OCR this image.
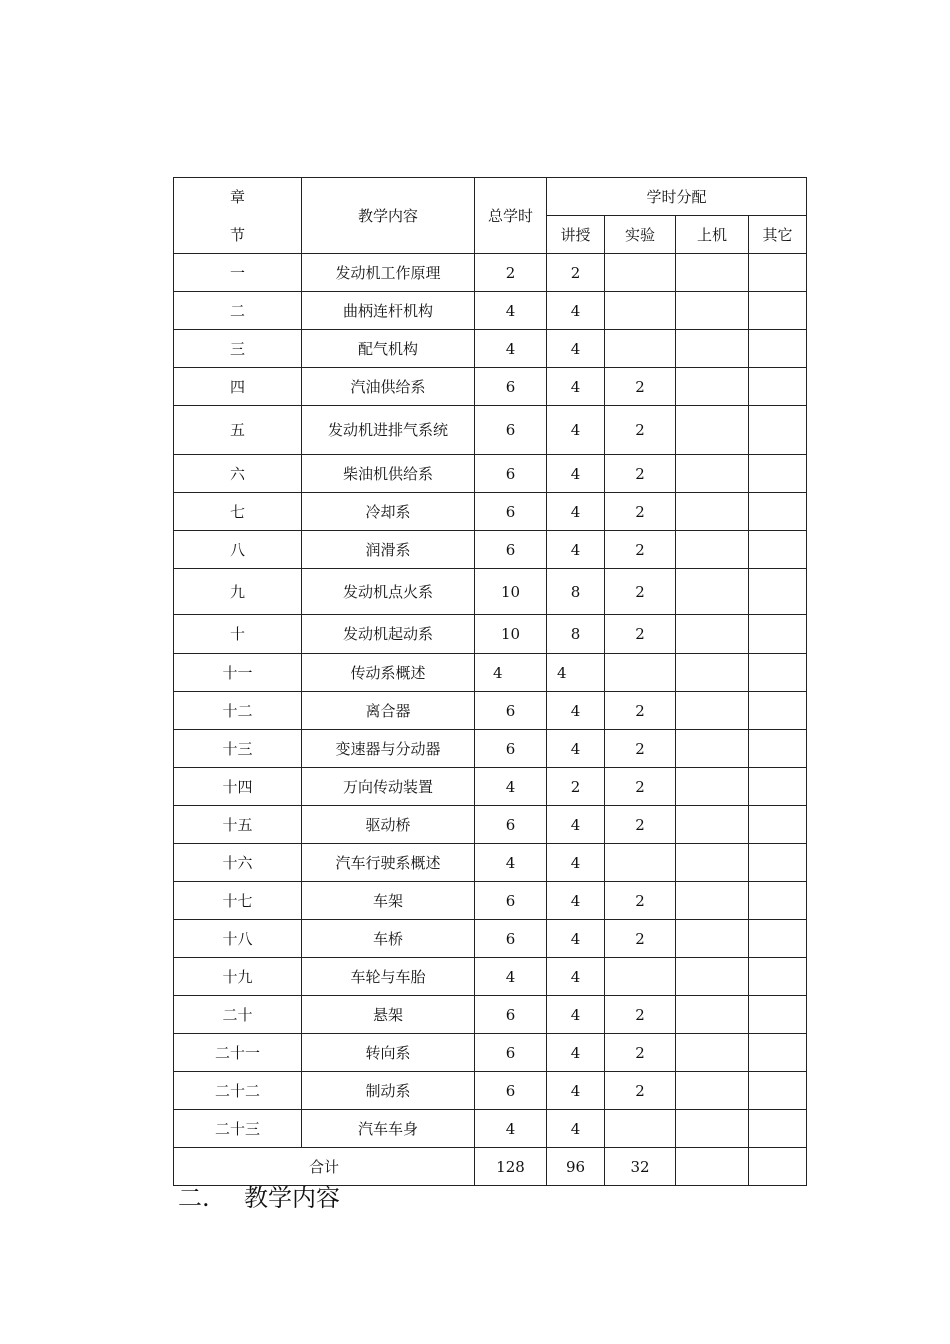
章
节	教学内容	总学时	学时分配			
			讲授	实验	上机	其它
一	发动机工作原理	2	2			
二	曲柄连杆机构	4	4			
三	配气机构	4	4			
四	汽油供给系	6	4	2		
五	发动机进排气系统	6	4	2		
六	柴油机供给系	6	4	2		
七	冷却系	6	4	2		
八	润滑系	6	4	2		
九	发动机点火系	10	8	2		
十	发动机起动系	10	8	2		
十一	传动系概述	4	4			
十二	离合器	6	4	2		
十三	变速器与分动器	6	4	2		
十四	万向传动装置	4	2	2		
十五	驱动桥	6	4	2		
十六	汽车行驶系概述	4	4			
十七	车架	6	4	2		
十八	车桥	6	4	2		
十九	车轮与车胎	4	4			
二十	悬架	6	4	2		
二十一	转向系	6	4	2		
二十二	制动系	6	4	2		
二十三	汽车车身	4	4			
合计		128	96	32		
二. 教学内容
